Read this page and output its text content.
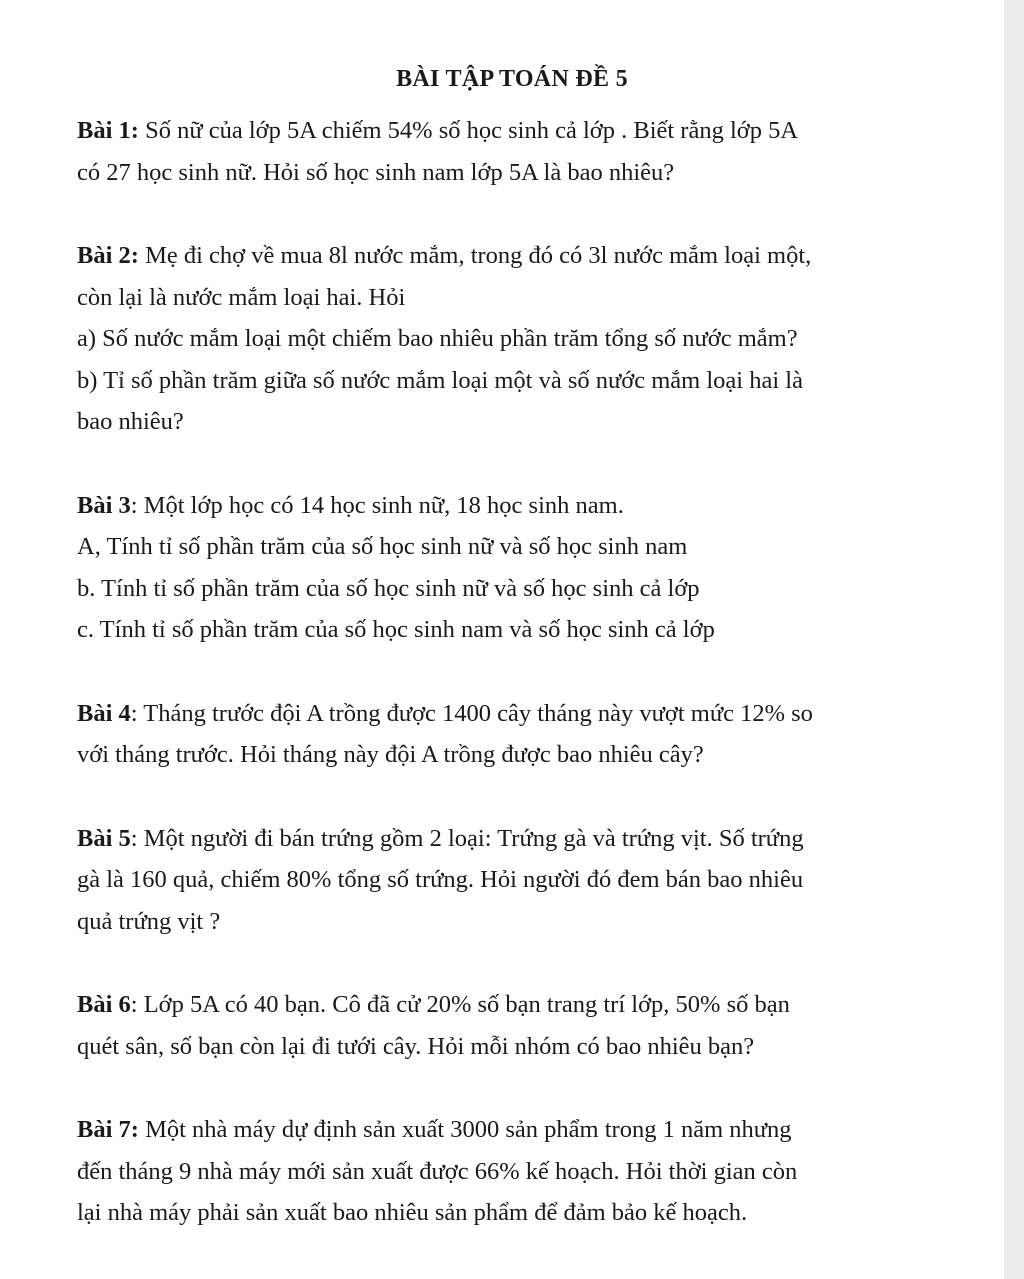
BÀI TẬP TOÁN ĐỀ 5

Bài 1: Số nữ của lớp 5A chiếm 54% số học sinh cả lớp . Biết rằng lớp 5A

có 27 học sinh nữ. Hỏi số học sinh nam lớp 5A là bao nhiêu?

Bài 2: Mẹ đi chợ về mua 8l nước mắm, trong đó có 3l nước mắm loại một,

còn lại là nước mắm loại hai. Hỏi

a) Số nước mắm loại một chiếm bao nhiêu phần trăm tổng số nước mắm?

b) Tỉ số phần trăm giữa số nước mắm loại một và số nước mắm loại hai là

bao nhiêu?

Bài 3: Một lớp học có 14 học sinh nữ, 18 học sinh nam.

A, Tính tỉ số phần trăm của số học sinh nữ và số học sinh nam

b. Tính tỉ số phần trăm của số học sinh nữ và số học sinh cả lớp

c. Tính tỉ số phần trăm của số học sinh nam và số học sinh cả lớp

Bài 4: Tháng trước đội A trồng được 1400 cây tháng này vượt mức 12% so

với tháng trước. Hỏi tháng này đội A trồng được bao nhiêu cây?

Bài 5: Một người đi bán trứng gồm 2 loại: Trứng gà và trứng vịt. Số trứng

gà là 160 quả, chiếm 80% tổng số trứng. Hỏi người đó đem bán bao nhiêu

quả trứng vịt ?

Bài 6: Lớp 5A có 40 bạn. Cô đã cử 20% số bạn trang trí lớp, 50% số bạn

quét sân, số bạn còn lại đi tưới cây. Hỏi mỗi nhóm có bao nhiêu bạn?

Bài 7: Một nhà máy dự định sản xuất 3000 sản phẩm trong 1 năm nhưng

đến tháng 9 nhà máy mới sản xuất được 66% kế hoạch. Hỏi thời gian còn

lại nhà máy phải sản xuất bao nhiêu sản phẩm để đảm bảo kế hoạch.
